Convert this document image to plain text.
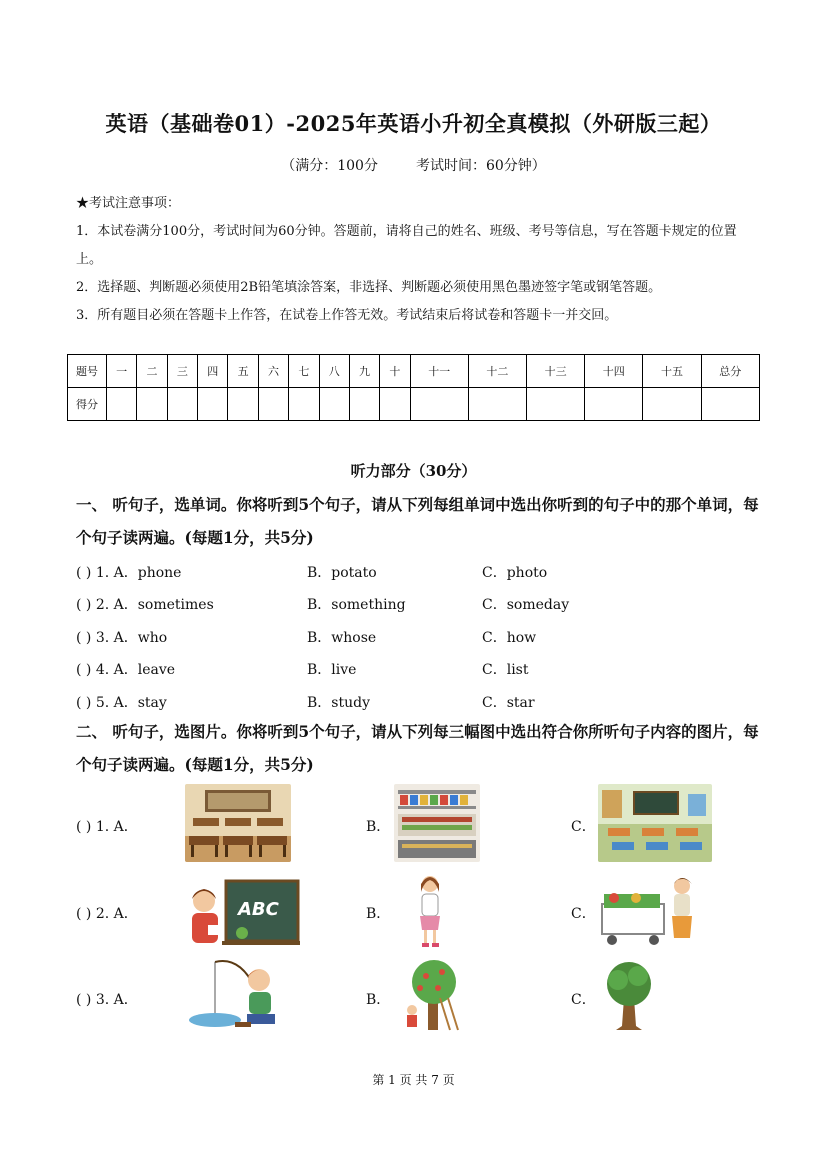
英语（基础卷01）-2025年英语小升初全真模拟（外研版三起）
（满分：100分	考试时间：60分钟）
★考试注意事项：
1．本试卷满分100分，考试时间为60分钟。答题前，请将自己的姓名、班级、考号等信息，写在答题卡规定的位置上。
2．选择题、判断题必须使用2B铅笔填涂答案，非选择、判断题必须使用黑色墨迹签字笔或钢笔答题。
3．所有题目必须在答题卡上作答，在试卷上作答无效。考试结束后将试卷和答题卡一并交回。
题号	一	二	三	四	五	六	七	八	九	十	十一	十二	十三	十四	十五	总分
得分																
听力部分（30分）
一、 听句子，选单词。你将听到5个句子，请从下列每组单词中选出你听到的句子中的那个单词，每个句子读两遍。(每题1分，共5分)
( ) 1. A．phone	B．potato	C．photo
( ) 2. A．sometimes	B．something	C．someday
( ) 3. A．who	B．whose	C．how
( ) 4. A．leave	B．live	C．list
( ) 5. A．stay	B．study	C．star
二、 听句子，选图片。你将听到5个句子，请从下列每三幅图中选出符合你所听句子内容的图片，每个句子读两遍。(每题1分，共5分)
( ) 1. A．	B．	C．
( ) 2. A．	B．	C．
( ) 3. A．	B．	C．
ABC
第 1 页 共 7 页
